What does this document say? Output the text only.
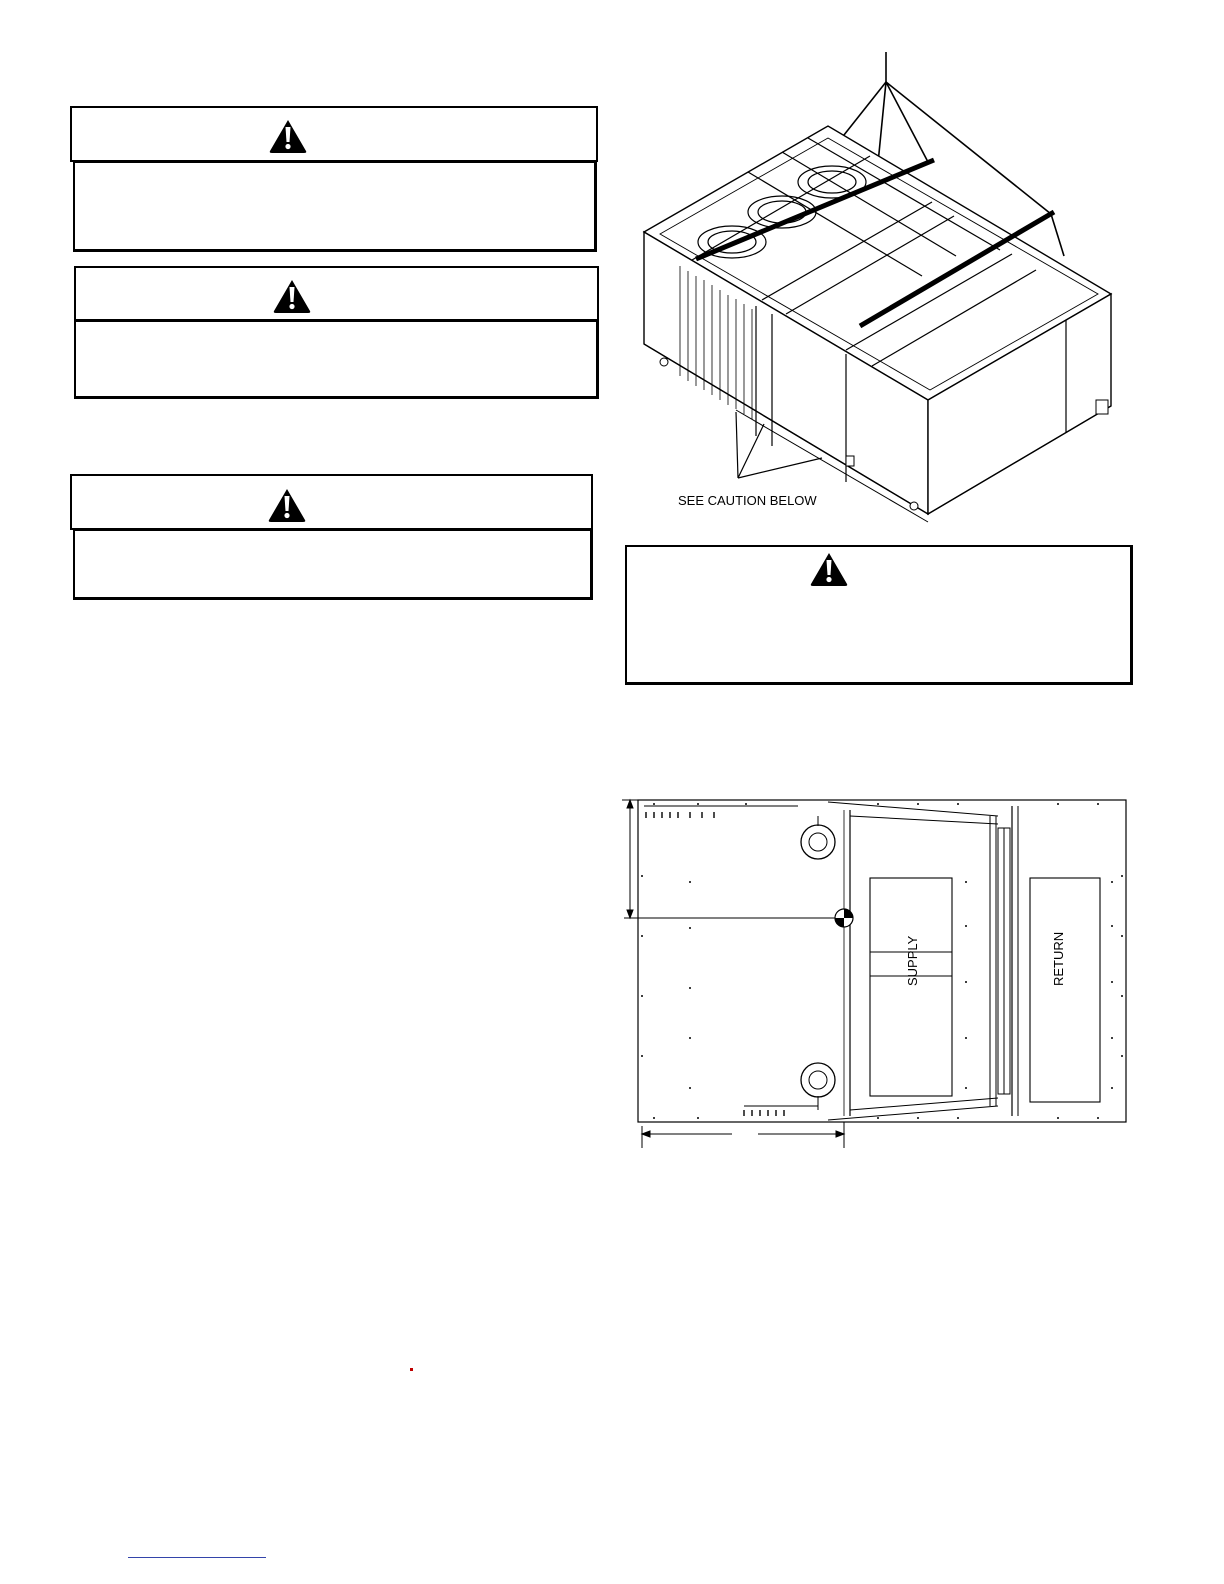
SEE CAUTION BELOW
SUPPLY	RETURN
